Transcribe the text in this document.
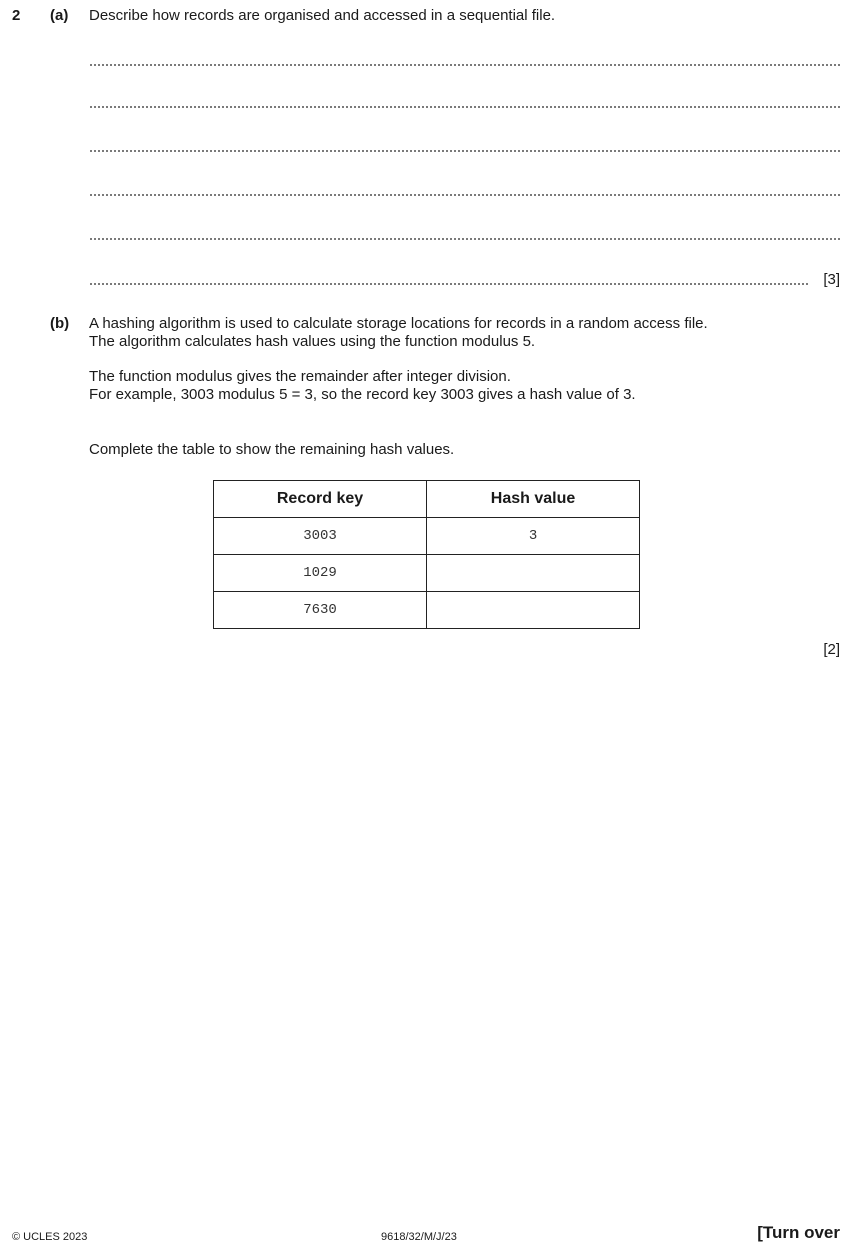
2 (a) Describe how records are organised and accessed in a sequential file.
[3]
(b) A hashing algorithm is used to calculate storage locations for records in a random access file.
The algorithm calculates hash values using the function modulus 5.
The function modulus gives the remainder after integer division.
For example, 3003 modulus 5 = 3, so the record key 3003 gives a hash value of 3.
Complete the table to show the remaining hash values.
Record key	Hash value
3003	3
1029	
7630	
[2]
© UCLES 2023	9618/32/M/J/23	[Turn over
